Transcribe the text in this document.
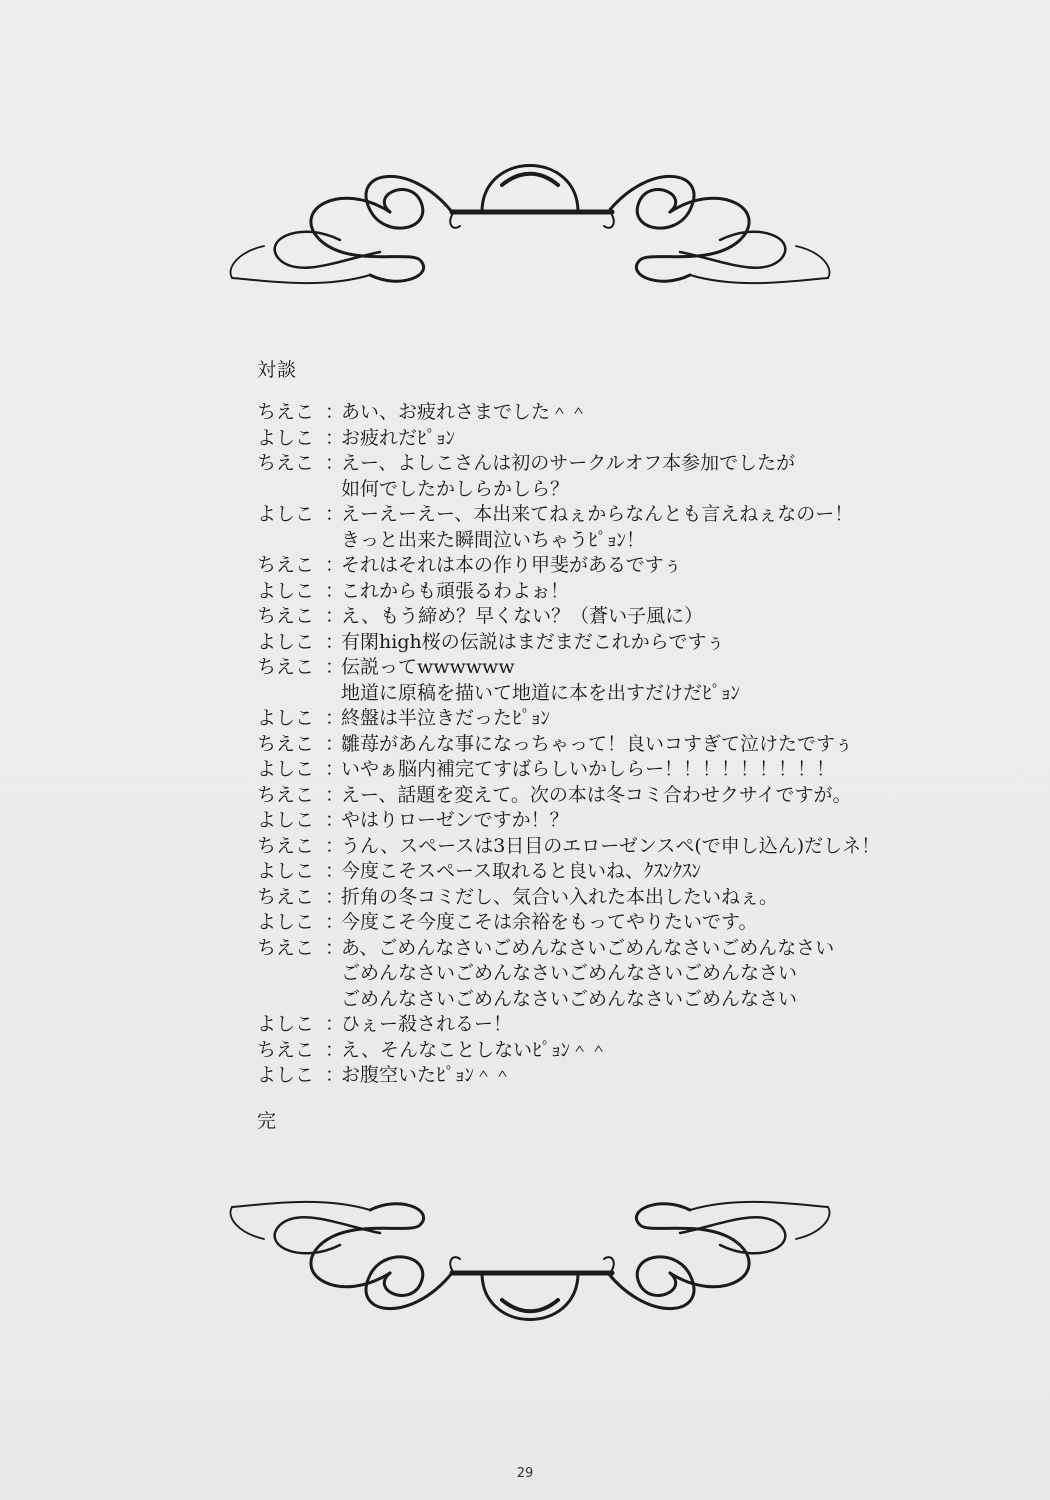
対談
ちえこ ：
あい、お疲れさまでした＾＾
よしこ ：
お疲れだﾋﾟｮﾝ
ちえこ ：
えー、よしこさんは初のサークルオフ本参加でしたが
如何でしたかしらかしら？
よしこ ：
えーえーえー、本出来てねぇからなんとも言えねぇなのー！
きっと出来た瞬間泣いちゃうﾋﾟｮﾝ！
ちえこ ：
それはそれは本の作り甲斐があるですぅ
よしこ ：
これからも頑張るわよぉ！
ちえこ ：
え、もう締め？早くない？（蒼い子風に）
よしこ ：
有閑high桜の伝説はまだまだこれからですぅ
ちえこ ：
伝説ってwwwwww
地道に原稿を描いて地道に本を出すだけだﾋﾟｮﾝ
よしこ ：
終盤は半泣きだったﾋﾟｮﾝ
ちえこ ：
雛苺があんな事になっちゃって！良いコすぎて泣けたですぅ
よしこ ：
いやぁ脳内補完てすばらしいかしらー！！！！！！！！！
ちえこ ：
えー、話題を変えて。次の本は冬コミ合わせクサイですが。
よしこ ：
やはりローゼンですか！？
ちえこ ：
うん、スペースは3日目のエローゼンスペ(で申し込ん)だしネ！
よしこ ：
今度こそスペース取れると良いね、ｸｽﾝｸｽﾝ
ちえこ ：
折角の冬コミだし、気合い入れた本出したいねぇ。
よしこ ：
今度こそ今度こそは余裕をもってやりたいです。
ちえこ ：
あ、ごめんなさいごめんなさいごめんなさいごめんなさい
ごめんなさいごめんなさいごめんなさいごめんなさい
ごめんなさいごめんなさいごめんなさいごめんなさい
よしこ ：
ひぇー殺されるー！
ちえこ ：
え、そんなことしないﾋﾟｮﾝ＾＾
よしこ ：
お腹空いたﾋﾟｮﾝ＾＾
完
29
